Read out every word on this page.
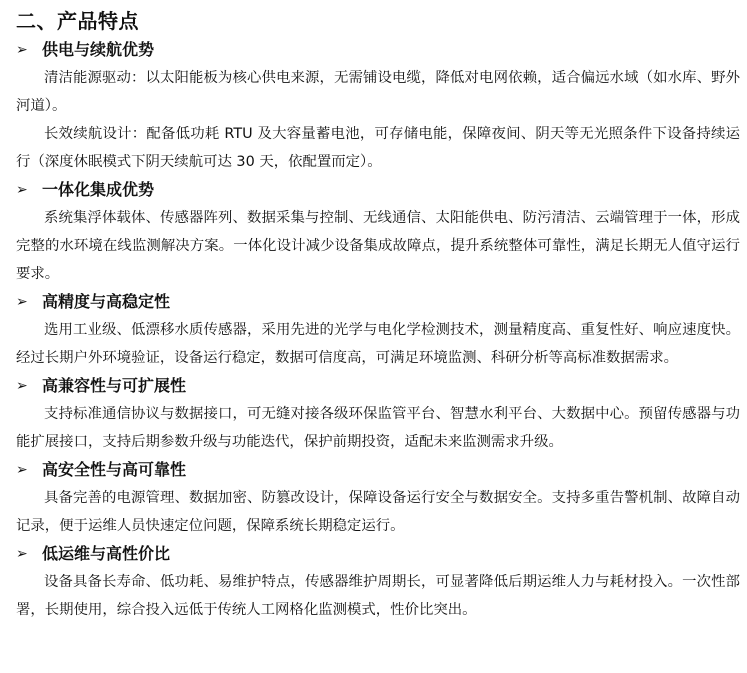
二、产品特点
➢ 供电与续航优势

清洁能源驱动：以太阳能板为核心供电来源，无需铺设电缆，降低对电网依赖，适合偏远水域（如水库、野外河道）。

长效续航设计：配备低功耗 RTU 及大容量蓄电池，可存储电能，保障夜间、阴天等无光照条件下设备持续运行（深度休眠模式下阴天续航可达 30 天，依配置而定）。

➢ 一体化集成优势

系统集浮体载体、传感器阵列、数据采集与控制、无线通信、太阳能供电、防污清洁、云端管理于一体，形成完整的水环境在线监测解决方案。一体化设计减少设备集成故障点，提升系统整体可靠性，满足长期无人值守运行要求。

➢ 高精度与高稳定性

选用工业级、低漂移水质传感器，采用先进的光学与电化学检测技术，测量精度高、重复性好、响应速度快。经过长期户外环境验证，设备运行稳定，数据可信度高，可满足环境监测、科研分析等高标准数据需求。

➢ 高兼容性与可扩展性

支持标准通信协议与数据接口，可无缝对接各级环保监管平台、智慧水利平台、大数据中心。预留传感器与功能扩展接口，支持后期参数升级与功能迭代，保护前期投资，适配未来监测需求升级。

➢ 高安全性与高可靠性

具备完善的电源管理、数据加密、防篡改设计，保障设备运行安全与数据安全。支持多重告警机制、故障自动记录，便于运维人员快速定位问题，保障系统长期稳定运行。

➢ 低运维与高性价比

设备具备长寿命、低功耗、易维护特点，传感器维护周期长，可显著降低后期运维人力与耗材投入。一次性部署，长期使用，综合投入远低于传统人工网格化监测模式，性价比突出。
